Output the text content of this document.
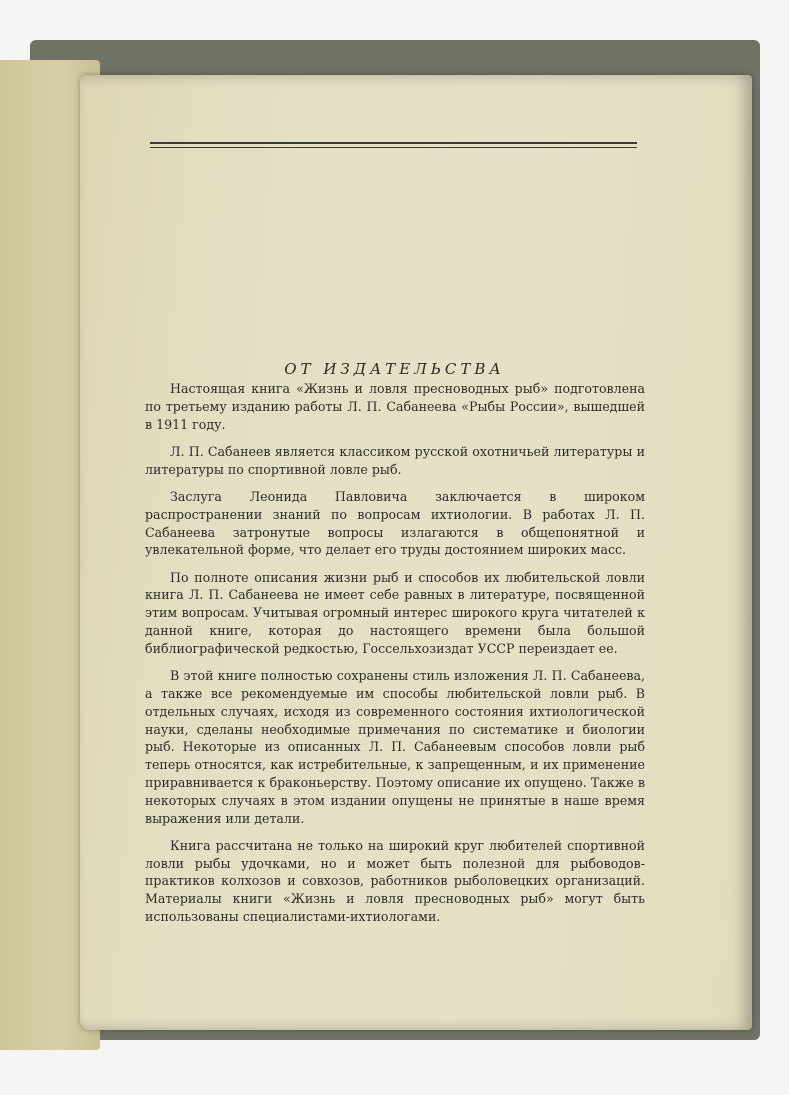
ОТ ИЗДАТЕЛЬСТВА

Настоящая книга «Жизнь и ловля пресноводных рыб» подготовлена по третьему изданию работы Л. П. Сабанеева «Рыбы России», вышедшей в 1911 году.

Л. П. Сабанеев является классиком русской охотничьей литературы и литературы по спортивной ловле рыб.

Заслуга Леонида Павловича заключается в широком распространении знаний по вопросам ихтиологии. В работах Л. П. Сабанеева затронутые вопросы излагаются в общепонятной и увлекательной форме, что делает его труды достоянием широких масс.

По полноте описания жизни рыб и способов их любительской ловли книга Л. П. Сабанеева не имеет себе равных в литературе, посвященной этим вопросам. Учитывая огромный интерес широкого круга читателей к данной книге, которая до настоящего времени была большой библиографической редкостью, Госсельхозиздат УССР переиздает ее.

В этой книге полностью сохранены стиль изложения Л. П. Сабанеева, а также все рекомендуемые им способы любительской ловли рыб. В отдельных случаях, исходя из современного состояния ихтиологической науки, сделаны необходимые примечания по систематике и биологии рыб. Некоторые из описанных Л. П. Сабанеевым способов ловли рыб теперь относятся, как истребительные, к запрещенным, и их применение приравнивается к браконьерству. Поэтому описание их опущено. Также в некоторых случаях в этом издании опущены не принятые в наше время выражения или детали.

Книга рассчитана не только на широкий круг любителей спортивной ловли рыбы удочками, но и может быть полезной для рыбоводов-практиков колхозов и совхозов, работников рыболовецких организаций. Материалы книги «Жизнь и ловля пресноводных рыб» могут быть использованы специалистами-ихтиологами.
